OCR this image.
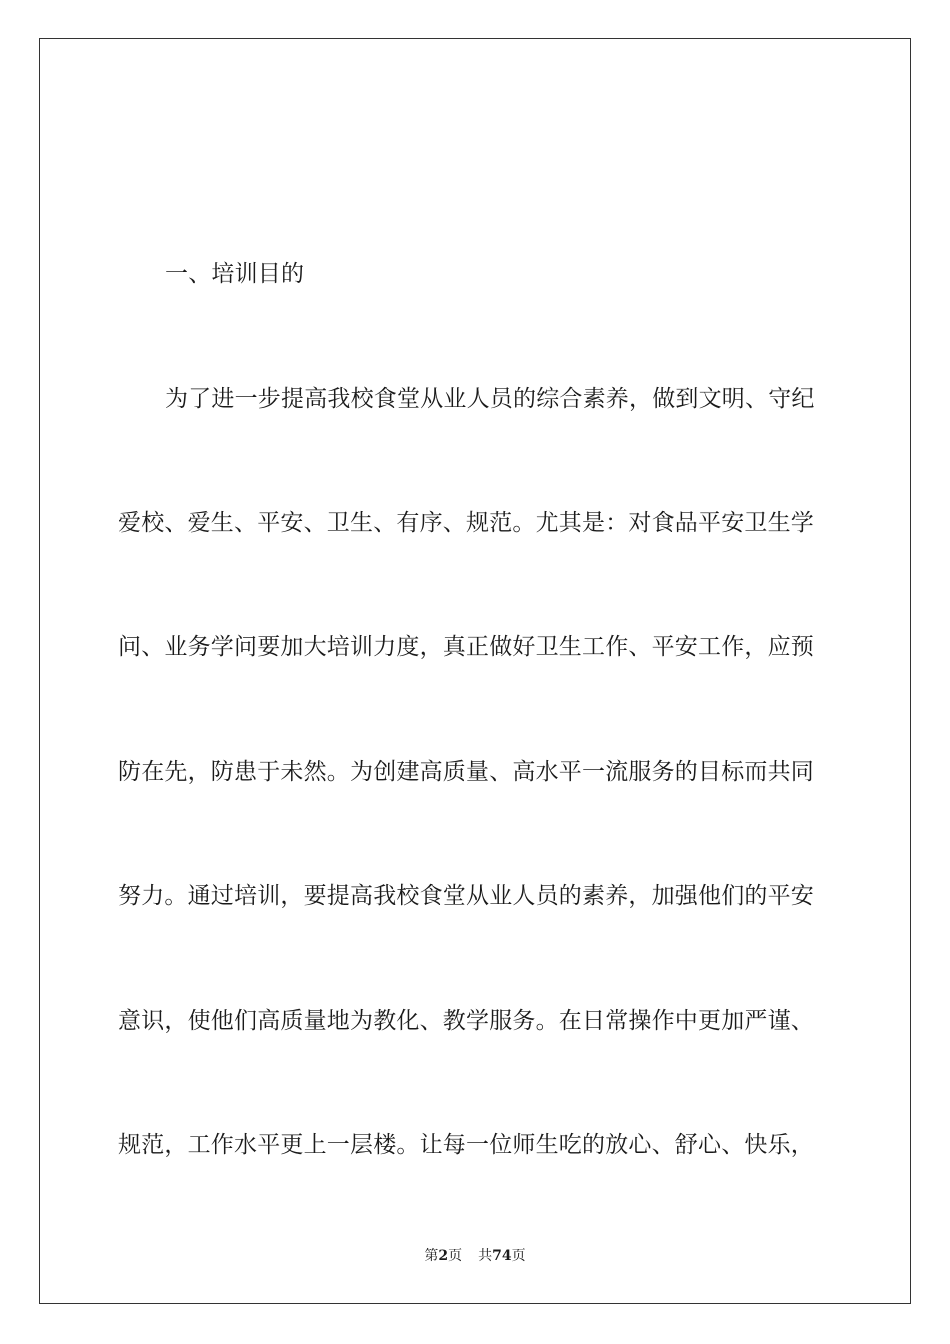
一、培训目的
为了进一步提高我校食堂从业人员的综合素养，做到文明、守纪
爱校、爱生、平安、卫生、有序、规范。尤其是：对食品平安卫生学
问、业务学问要加大培训力度，真正做好卫生工作、平安工作，应预
防在先，防患于未然。为创建高质量、高水平一流服务的目标而共同
努力。通过培训，要提高我校食堂从业人员的素养，加强他们的平安
意识，使他们高质量地为教化、教学服务。在日常操作中更加严谨、
规范，工作水平更上一层楼。让每一位师生吃的放心、舒心、快乐，
第2页 共74页
